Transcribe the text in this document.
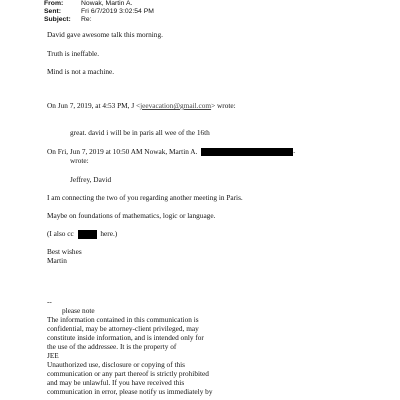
From:	Nowak, Martin A.
Sent:	Fri 6/7/2019 3:02:54 PM
Subject: Re:
David gave awesome talk this morning.
Truth is ineffable.
Mind is not a machine.
On Jun 7, 2019, at 4:53 PM, J <jeevacation@gmail.com> wrote:
great. david i will be in paris all wee of the 16th
On Fri, Jun 7, 2019 at 10:50 AM Nowak, Martin A.	-
wrote:
Jeffrey, David
I am connecting the two of you regarding another meeting in Paris.
Maybe on foundations of mathematics, logic or language.
(I also cc	here.)
Best wishes
Martin
--
please note
The information contained in this communication is
confidential, may be attorney-client privileged, may
constitute inside information, and is intended only for
the use of the addressee. It is the property of
JEE
Unauthorized use, disclosure or copying of this
communication or any part thereof is strictly prohibited
and may be unlawful. If you have received this
communication in error, please notify us immediately by
